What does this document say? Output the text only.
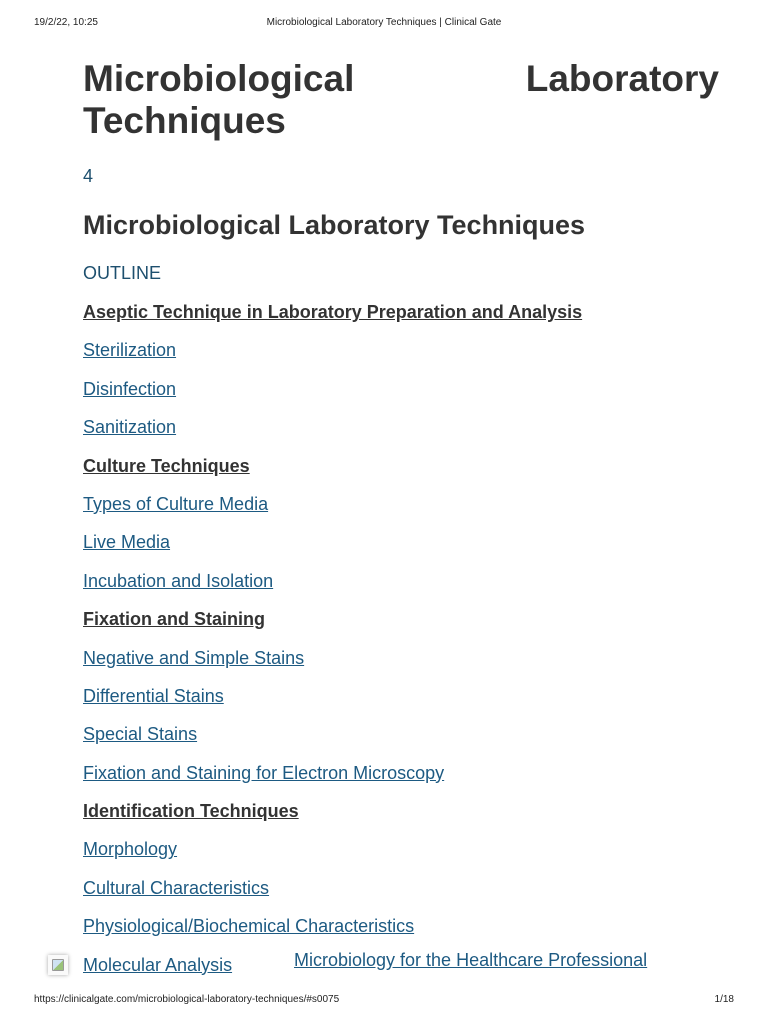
19/2/22, 10:25	Microbiological Laboratory Techniques | Clinical Gate
Microbiological	Laboratory
Techniques
4
Microbiological Laboratory Techniques
OUTLINE
Aseptic Technique in Laboratory Preparation and Analysis
Sterilization
Disinfection
Sanitization
Culture Techniques
Types of Culture Media
Live Media
Incubation and Isolation
Fixation and Staining
Negative and Simple Stains
Differential Stains
Special Stains
Fixation and Staining for Electron Microscopy
Identification Techniques
Morphology
Cultural Characteristics
Physiological/Biochemical Characteristics
Molecular Analysis	Microbiology for the Healthcare Professional
https://clinicalgate.com/microbiological-laboratory-techniques/#s0075	1/18
